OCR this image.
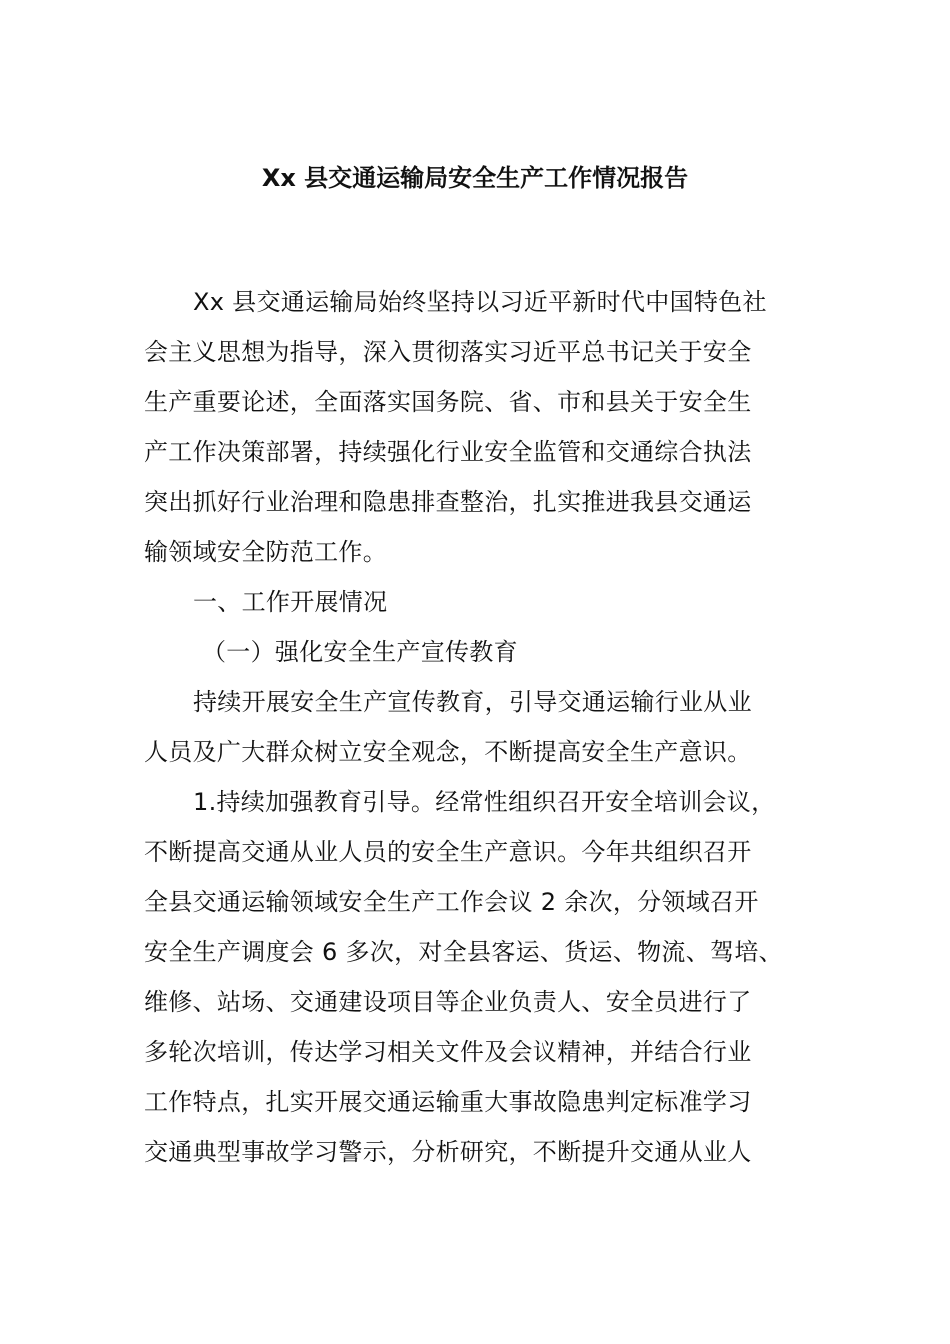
Xx 县交通运输局安全生产工作情况报告
Xx 县交通运输局始终坚持以习近平新时代中国特色社
会主义思想为指导，深入贯彻落实习近平总书记关于安全
生产重要论述，全面落实国务院、省、市和县关于安全生
产工作决策部署，持续强化行业安全监管和交通综合执法
突出抓好行业治理和隐患排查整治，扎实推进我县交通运
输领域安全防范工作。
一、工作开展情况
（一）强化安全生产宣传教育
持续开展安全生产宣传教育，引导交通运输行业从业
人员及广大群众树立安全观念，不断提高安全生产意识。
1.持续加强教育引导。经常性组织召开安全培训会议，
不断提高交通从业人员的安全生产意识。今年共组织召开
全县交通运输领域安全生产工作会议 2 余次，分领域召开
安全生产调度会 6 多次，对全县客运、货运、物流、驾培、
维修、站场、交通建设项目等企业负责人、安全员进行了
多轮次培训，传达学习相关文件及会议精神，并结合行业
工作特点，扎实开展交通运输重大事故隐患判定标准学习
交通典型事故学习警示，分析研究，不断提升交通从业人
